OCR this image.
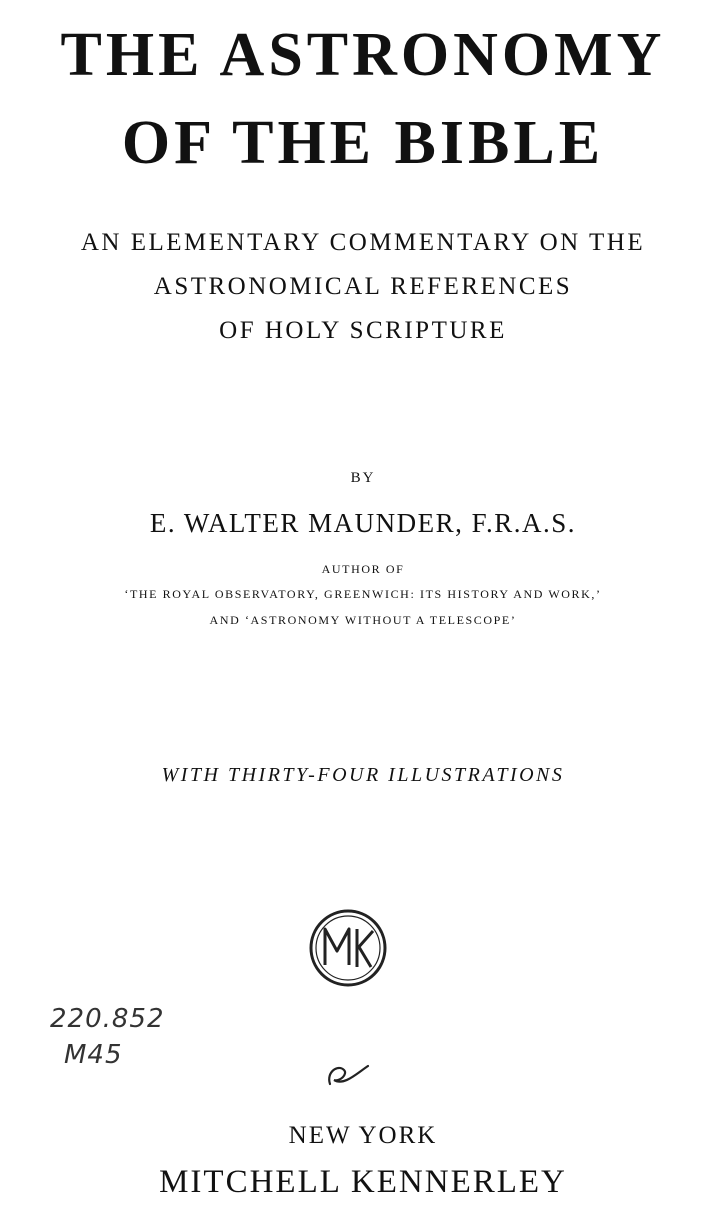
THE ASTRONOMY
OF THE BIBLE
AN ELEMENTARY COMMENTARY ON THE
ASTRONOMICAL REFERENCES
OF HOLY SCRIPTURE
BY
E. WALTER MAUNDER, F.R.A.S.
AUTHOR OF
‘THE ROYAL OBSERVATORY, GREENWICH: ITS HISTORY AND WORK,’
AND ‘ASTRONOMY WITHOUT A TELESCOPE’
WITH THIRTY-FOUR ILLUSTRATIONS
220.852
M45
NEW YORK
MITCHELL KENNERLEY
